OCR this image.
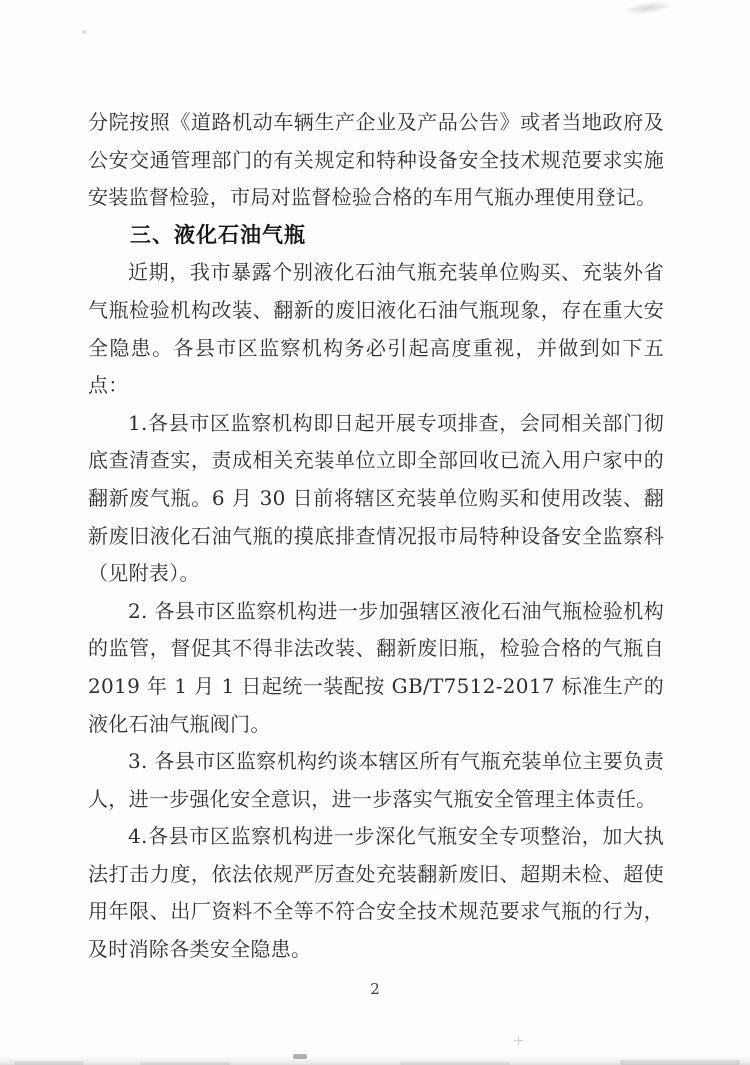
分院按照《道路机动车辆生产企业及产品公告》或者当地政府及公安交通管理部门的有关规定和特种设备安全技术规范要求实施安装监督检验，市局对监督检验合格的车用气瓶办理使用登记。

三、液化石油气瓶

近期，我市暴露个别液化石油气瓶充装单位购买、充装外省气瓶检验机构改装、翻新的废旧液化石油气瓶现象，存在重大安全隐患。各县市区监察机构务必引起高度重视，并做到如下五点：

1.各县市区监察机构即日起开展专项排查，会同相关部门彻底查清查实，责成相关充装单位立即全部回收已流入用户家中的翻新废气瓶。6 月 30 日前将辖区充装单位购买和使用改装、翻新废旧液化石油气瓶的摸底排查情况报市局特种设备安全监察科（见附表）。

2. 各县市区监察机构进一步加强辖区液化石油气瓶检验机构的监管，督促其不得非法改装、翻新废旧瓶，检验合格的气瓶自 2019 年 1 月 1 日起统一装配按 GB/T7512-2017 标准生产的液化石油气瓶阀门。

3. 各县市区监察机构约谈本辖区所有气瓶充装单位主要负责人，进一步强化安全意识，进一步落实气瓶安全管理主体责任。

4.各县市区监察机构进一步深化气瓶安全专项整治，加大执法打击力度，依法依规严厉查处充装翻新废旧、超期未检、超使用年限、出厂资料不全等不符合安全技术规范要求气瓶的行为，及时消除各类安全隐患。

2
